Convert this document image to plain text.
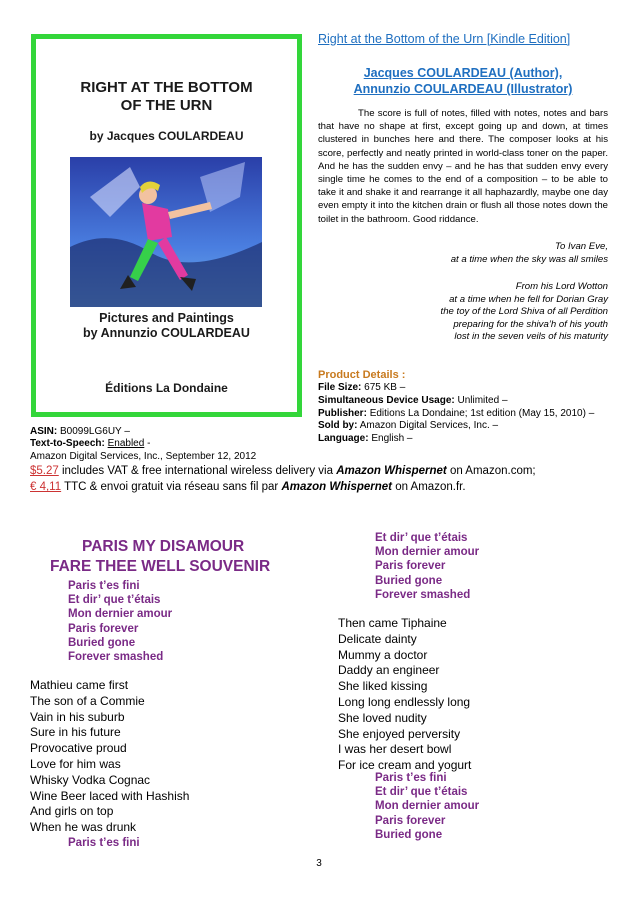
RIGHT AT THE BOTTOM
OF THE URN
by Jacques COULARDEAU
Pictures and Paintings
by Annunzio COULARDEAU
Éditions La Dondaine
Right at the Bottom of the Urn [Kindle Edition]
Jacques COULARDEAU (Author),
Annunzio COULARDEAU (Illustrator)

The score is full of notes, filled with notes, notes and bars that have no shape at first, except going up and down, at times clustered in bunches here and there. The composer looks at his score, perfectly and neatly printed in world-class toner on the paper. And he has the sudden envy – and he has that sudden envy every single time he comes to the end of a composition – to be able to take it and shake it and rearrange it all haphazardly, maybe one day even empty it into the kitchen drain or flush all those notes down the toilet in the bathroom. Good riddance.

To Ivan Eve,
at a time when the sky was all smiles
From his Lord Wotton
at a time when he fell for Dorian Gray
the toy of the Lord Shiva of all Perdition
preparing for the shiva’h of his youth
lost in the seven veils of his maturity
Product Details :
File Size: 675 KB –
Simultaneous Device Usage: Unlimited –
Publisher: Editions La Dondaine; 1st edition (May 15, 2010) –
Sold by: Amazon Digital Services, Inc. –
Language: English –
ASIN: B0099LG6UY –
Text-to-Speech: Enabled -
Amazon Digital Services, Inc., September 12, 2012
$5.27 includes VAT & free international wireless delivery via Amazon Whispernet on Amazon.com;
€ 4,11 TTC & envoi gratuit via réseau sans fil par Amazon Whispernet on Amazon.fr.
PARIS MY DISAMOUR
FARE THEE WELL SOUVENIR
Paris t’es fini
Et dir’ que t’étais
Mon dernier amour
Paris forever
Buried gone
Forever smashed
Mathieu came first
The son of a Commie
Vain in his suburb
Sure in his future
Provocative proud
Love for him was
Whisky Vodka Cognac
Wine Beer laced with Hashish
And girls on top
When he was drunk
Paris t’es fini
Et dir’ que t’étais
Mon dernier amour
Paris forever
Buried gone
Forever smashed
Then came Tiphaine
Delicate dainty
Mummy a doctor
Daddy an engineer
She liked kissing
Long long endlessly long
She loved nudity
She enjoyed perversity
I was her desert bowl
For ice cream and yogurt
Paris t’es fini
Et dir’ que t’étais
Mon dernier amour
Paris forever
Buried gone
3
